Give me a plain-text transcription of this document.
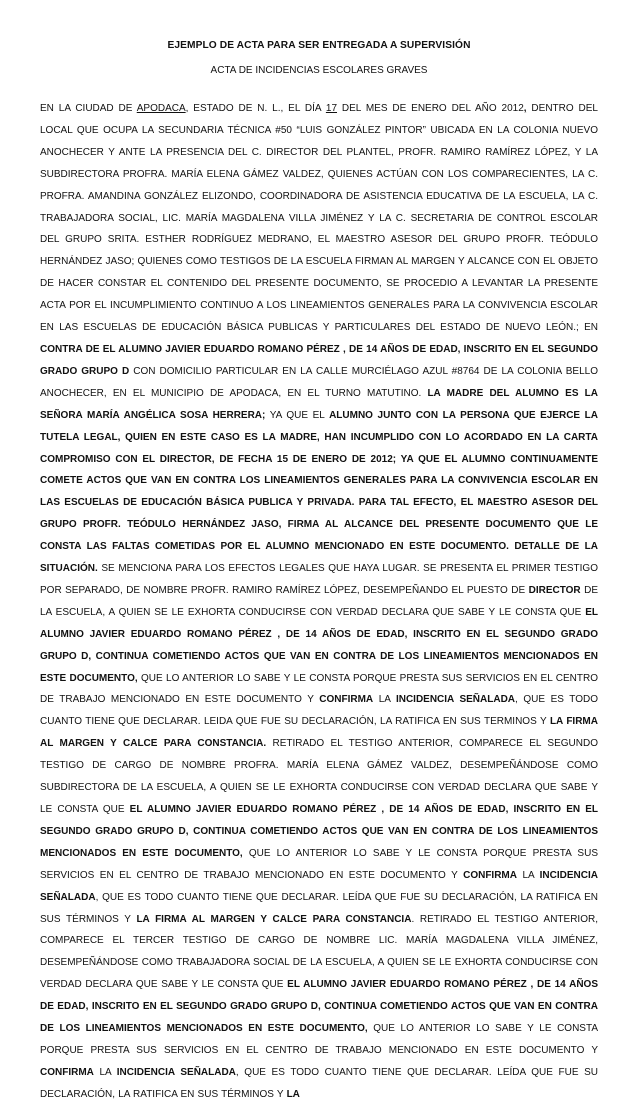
EJEMPLO DE ACTA PARA SER ENTREGADA A SUPERVISIÓN
ACTA DE INCIDENCIAS ESCOLARES GRAVES

EN LA CIUDAD DE APODACA, ESTADO DE N. L., EL DÍA 17 DEL MES DE ENERO DEL AÑO 2012, DENTRO DEL LOCAL QUE OCUPA LA SECUNDARIA TÉCNICA #50 “LUIS GONZÁLEZ PINTOR” UBICADA EN LA COLONIA NUEVO ANOCHECER Y ANTE LA PRESENCIA DEL C. DIRECTOR DEL PLANTEL, PROFR. RAMIRO RAMÍREZ LÓPEZ, Y LA SUBDIRECTORA PROFRA. MARÍA ELENA GÁMEZ VALDEZ, QUIENES ACTÚAN CON LOS COMPARECIENTES, LA C. PROFRA. AMANDINA GONZÁLEZ ELIZONDO, COORDINADORA DE ASISTENCIA EDUCATIVA DE LA ESCUELA, LA C. TRABAJADORA SOCIAL, LIC. MARÍA MAGDALENA VILLA JIMÉNEZ Y LA C. SECRETARIA DE CONTROL ESCOLAR DEL GRUPO SRITA. ESTHER RODRÍGUEZ MEDRANO, EL MAESTRO ASESOR DEL GRUPO PROFR. TEÓDULO HERNÁNDEZ JASO; QUIENES COMO TESTIGOS DE LA ESCUELA FIRMAN AL MARGEN Y ALCANCE CON EL OBJETO DE HACER CONSTAR EL CONTENIDO DEL PRESENTE DOCUMENTO, SE PROCEDIO A LEVANTAR LA PRESENTE ACTA POR EL INCUMPLIMIENTO CONTINUO A LOS LINEAMIENTOS GENERALES PARA LA CONVIVENCIA ESCOLAR EN LAS ESCUELAS DE EDUCACIÓN BÁSICA PUBLICAS Y PARTICULARES DEL ESTADO DE NUEVO LEÓN.; EN CONTRA DE EL ALUMNO JAVIER EDUARDO ROMANO PÉREZ , DE 14 AÑOS DE EDAD, INSCRITO EN EL SEGUNDO GRADO GRUPO D CON DOMICILIO PARTICULAR EN LA CALLE MURCIÉLAGO AZUL #8764 DE LA COLONIA BELLO ANOCHECER, EN EL MUNICIPIO DE APODACA, EN EL TURNO MATUTINO. LA MADRE DEL ALUMNO ES LA SEÑORA MARÍA ANGÉLICA SOSA HERRERA; YA QUE EL ALUMNO JUNTO CON LA PERSONA QUE EJERCE LA TUTELA LEGAL, QUIEN EN ESTE CASO ES LA MADRE, HAN INCUMPLIDO CON LO ACORDADO EN LA CARTA COMPROMISO CON EL DIRECTOR, DE FECHA 15 DE ENERO DE 2012; YA QUE EL ALUMNO CONTINUAMENTE COMETE ACTOS QUE VAN EN CONTRA LOS LINEAMIENTOS GENERALES PARA LA CONVIVENCIA ESCOLAR EN LAS ESCUELAS DE EDUCACIÓN BÁSICA PUBLICA Y PRIVADA. PARA TAL EFECTO, EL MAESTRO ASESOR DEL GRUPO PROFR. TEÓDULO HERNÁNDEZ JASO, FIRMA AL ALCANCE DEL PRESENTE DOCUMENTO QUE LE CONSTA LAS FALTAS COMETIDAS POR EL ALUMNO MENCIONADO EN ESTE DOCUMENTO. DETALLE DE LA SITUACIÓN. SE MENCIONA PARA LOS EFECTOS LEGALES QUE HAYA LUGAR. SE PRESENTA EL PRIMER TESTIGO POR SEPARADO, DE NOMBRE PROFR. RAMIRO RAMÍREZ LÓPEZ, DESEMPEÑANDO EL PUESTO DE DIRECTOR DE LA ESCUELA, A QUIEN SE LE EXHORTA CONDUCIRSE CON VERDAD DECLARA QUE SABE Y LE CONSTA QUE EL ALUMNO JAVIER EDUARDO ROMANO PÉREZ , DE 14 AÑOS DE EDAD, INSCRITO EN EL SEGUNDO GRADO GRUPO D, CONTINUA COMETIENDO ACTOS QUE VAN EN CONTRA DE LOS LINEAMIENTOS MENCIONADOS EN ESTE DOCUMENTO, QUE LO ANTERIOR LO SABE Y LE CONSTA PORQUE PRESTA SUS SERVICIOS EN EL CENTRO DE TRABAJO MENCIONADO EN ESTE DOCUMENTO Y CONFIRMA LA INCIDENCIA SEÑALADA, QUE ES TODO CUANTO TIENE QUE DECLARAR. LEIDA QUE FUE SU DECLARACIÓN, LA RATIFICA EN SUS TERMINOS Y LA FIRMA AL MARGEN Y CALCE PARA CONSTANCIA. RETIRADO EL TESTIGO ANTERIOR, COMPARECE EL SEGUNDO TESTIGO DE CARGO DE NOMBRE PROFRA. MARÍA ELENA GÁMEZ VALDEZ, DESEMPEÑÁNDOSE COMO SUBDIRECTORA DE LA ESCUELA, A QUIEN SE LE EXHORTA CONDUCIRSE CON VERDAD DECLARA QUE SABE Y LE CONSTA QUE EL ALUMNO JAVIER EDUARDO ROMANO PÉREZ , DE 14 AÑOS DE EDAD, INSCRITO EN EL SEGUNDO GRADO GRUPO D, CONTINUA COMETIENDO ACTOS QUE VAN EN CONTRA DE LOS LINEAMIENTOS MENCIONADOS EN ESTE DOCUMENTO, QUE LO ANTERIOR LO SABE Y LE CONSTA PORQUE PRESTA SUS SERVICIOS EN EL CENTRO DE TRABAJO MENCIONADO EN ESTE DOCUMENTO Y CONFIRMA LA INCIDENCIA SEÑALADA, QUE ES TODO CUANTO TIENE QUE DECLARAR. LEÍDA QUE FUE SU DECLARACIÓN, LA RATIFICA EN SUS TÉRMINOS Y LA FIRMA AL MARGEN Y CALCE PARA CONSTANCIA. RETIRADO EL TESTIGO ANTERIOR, COMPARECE EL TERCER TESTIGO DE CARGO DE NOMBRE LIC. MARÍA MAGDALENA VILLA JIMÉNEZ, DESEMPEÑÁNDOSE COMO TRABAJADORA SOCIAL DE LA ESCUELA, A QUIEN SE LE EXHORTA CONDUCIRSE CON VERDAD DECLARA QUE SABE Y LE CONSTA QUE EL ALUMNO JAVIER EDUARDO ROMANO PÉREZ , DE 14 AÑOS DE EDAD, INSCRITO EN EL SEGUNDO GRADO GRUPO D, CONTINUA COMETIENDO ACTOS QUE VAN EN CONTRA DE LOS LINEAMIENTOS MENCIONADOS EN ESTE DOCUMENTO, QUE LO ANTERIOR LO SABE Y LE CONSTA PORQUE PRESTA SUS SERVICIOS EN EL CENTRO DE TRABAJO MENCIONADO EN ESTE DOCUMENTO Y CONFIRMA LA INCIDENCIA SEÑALADA, QUE ES TODO CUANTO TIENE QUE DECLARAR. LEÍDA QUE FUE SU DECLARACIÓN, LA RATIFICA EN SUS TÉRMINOS Y LA
